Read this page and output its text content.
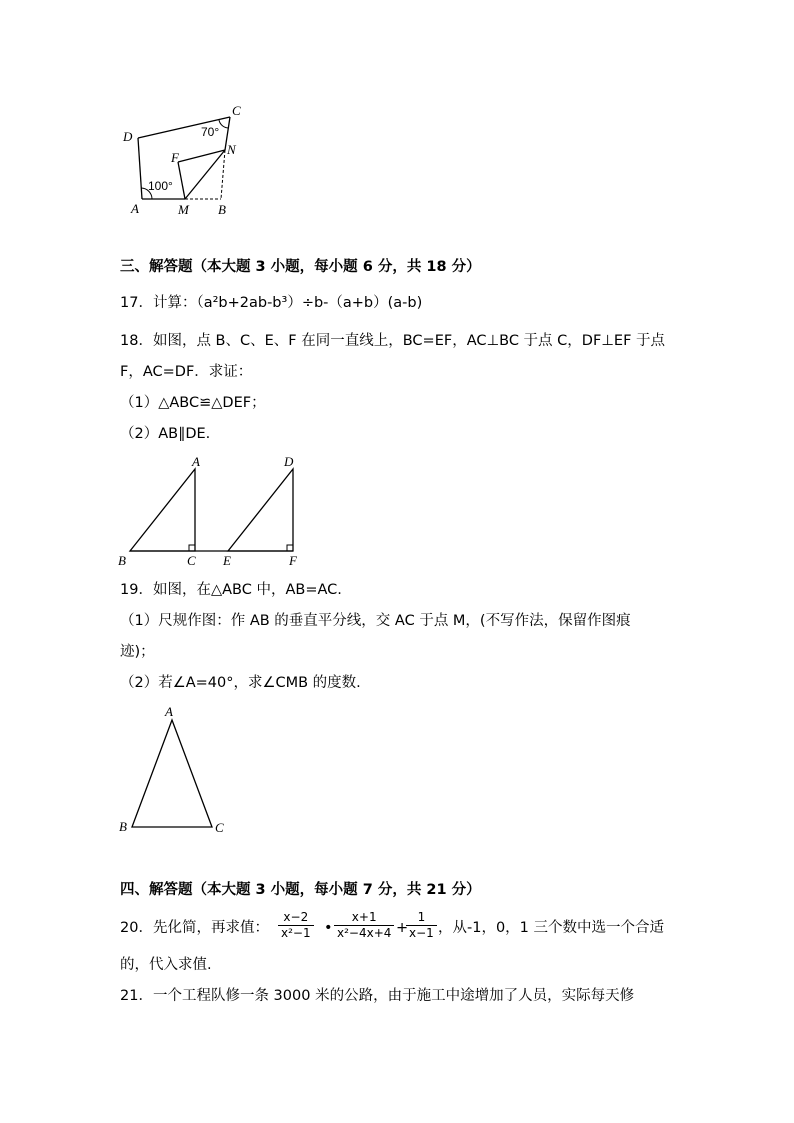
D
C
70°
F
N
100°
A	M B
三、解答题（本大题 3 小题，每小题 6 分，共 18 分）
17．计算：（a²b+2ab-b³）÷b-（a+b）(a-b)
18．如图，点 B、C、E、F 在同一直线上，BC=EF，AC⊥BC 于点 C，DF⊥EF 于点
F，AC=DF．求证：
（1）△ABC≌△DEF；
（2）AB∥DE.
A
B	C
D
E	F
19．如图，在△ABC 中，AB=AC.
（1）尺规作图：作 AB 的垂直平分线，交 AC 于点 M，(不写作法，保留作图痕
迹)；
（2）若∠A=40°，求∠CMB 的度数.
A
B	C
四、解答题（本大题 3 小题，每小题 7 分，共 21 分）
20．先化简，再求值：
x−2
x²−1 •
x+1
x²−4x+4 +
1
x−1 ，从-1，0，1 三个数中选一个合适
的，代入求值.
21．一个工程队修一条 3000 米的公路，由于施工中途增加了人员，实际每天修
